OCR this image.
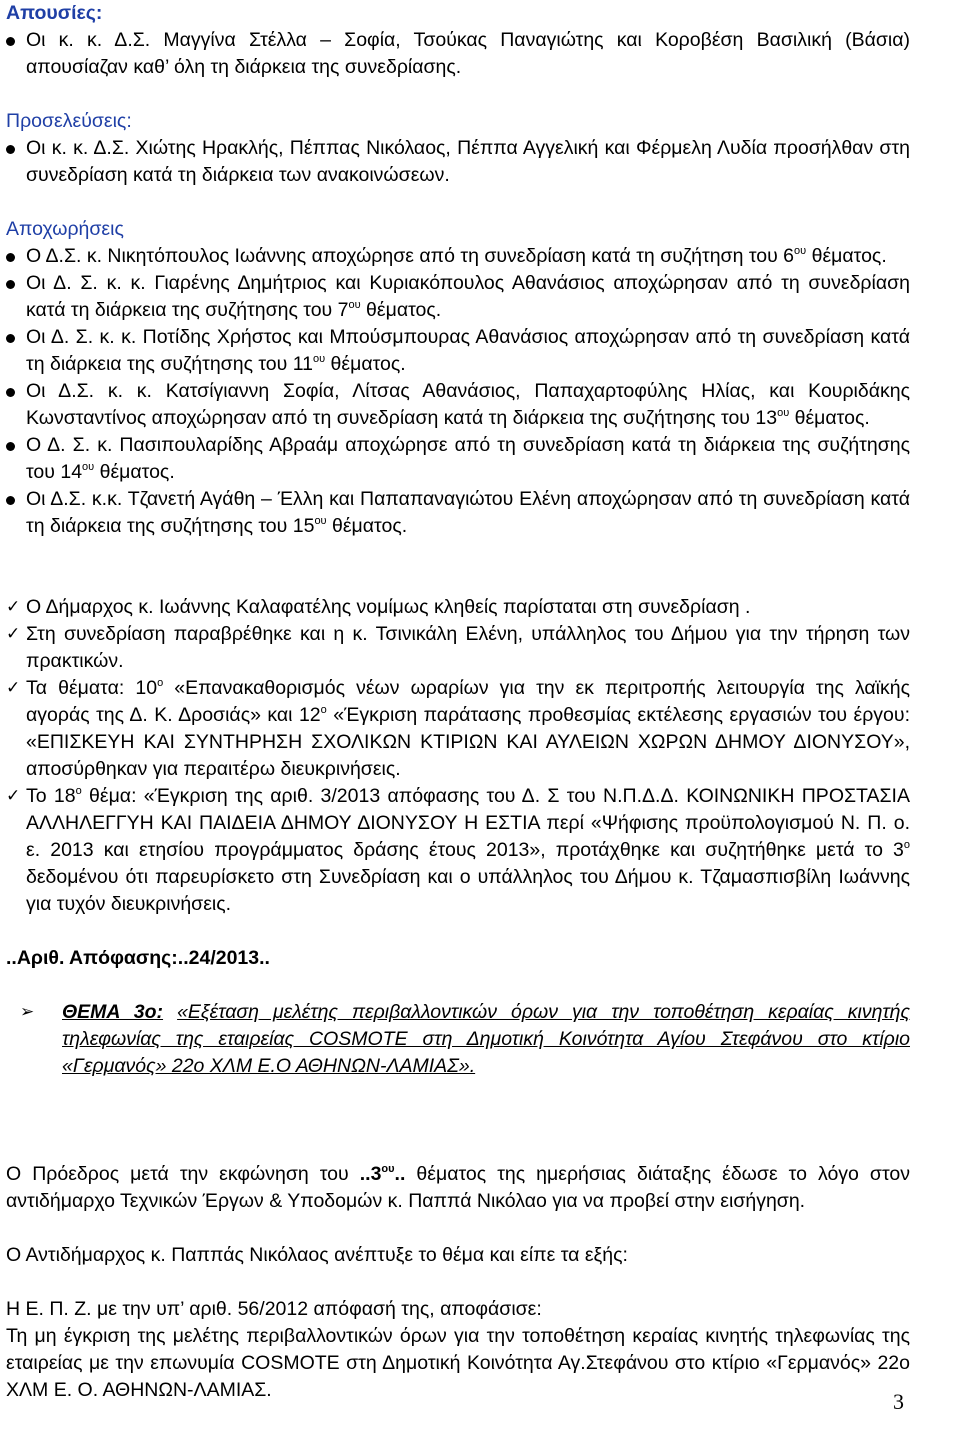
Απουσίες:

Οι κ. κ. Δ.Σ. Μαγγίνα Στέλλα – Σοφία, Τσούκας Παναγιώτης και Κοροβέση Βασιλική (Βάσια) απουσίαζαν καθ’ όλη τη διάρκεια της συνεδρίασης.

Προσελεύσεις:

Οι κ. κ. Δ.Σ. Χιώτης Ηρακλής, Πέππας Νικόλαος, Πέππα Αγγελική και Φέρμελη Λυδία προσήλθαν στη συνεδρίαση κατά τη διάρκεια των ανακοινώσεων.

Αποχωρήσεις

Ο Δ.Σ. κ. Νικητόπουλος Ιωάννης αποχώρησε από τη συνεδρίαση κατά τη συζήτηση του $6^{o\upsilon}$ θέματος.
Οι Δ. Σ. κ. κ. Γιαρένης Δημήτριος και Κυριακόπουλος Αθανάσιος αποχώρησαν από τη συνεδρίαση κατά τη διάρκεια της συζήτησης του $7^{o\upsilon}$ θέματος.
Οι Δ. Σ. κ. κ. Ποτίδης Χρήστος και Μπούσμπουρας Αθανάσιος αποχώρησαν από τη συνεδρίαση κατά τη διάρκεια της συζήτησης του $11^{o\upsilon}$ θέματος.
Οι Δ.Σ. κ. κ. Κατσίγιαννη Σοφία, Λίτσας Αθανάσιος, Παπαχαρτοφύλης Ηλίας, και Κουριδάκης Κωνσταντίνος αποχώρησαν από τη συνεδρίαση κατά τη διάρκεια της συζήτησης του $13^{o\upsilon}$ θέματος.
Ο Δ. Σ. κ. Πασιπουλαρίδης Αβραάμ αποχώρησε από τη συνεδρίαση κατά τη διάρκεια της συζήτησης του $14^{o\upsilon}$ θέματος.
Οι Δ.Σ. κ.κ. Τζανετή Αγάθη – Έλλη και Παπαπαναγιώτου Ελένη αποχώρησαν από τη συνεδρίαση κατά τη διάρκεια της συζήτησης του $15^{o\upsilon}$ θέματος.
✓ Ο Δήμαρχος κ. Ιωάννης Καλαφατέλης νομίμως κληθείς παρίσταται στη συνεδρίαση .
✓ Στη συνεδρίαση παραβρέθηκε και η κ. Τσινικάλη Ελένη, υπάλληλος του Δήμου για την τήρηση των πρακτικών.
✓ Τα θέματα: $10^o$ «Επανακαθορισμός νέων ωραρίων για την εκ περιτροπής λειτουργία της λαϊκής αγοράς της Δ. Κ. Δροσιάς» και $12^o$ «Έγκριση παράτασης προθεσμίας εκτέλεσης εργασιών του έργου: «ΕΠΙΣΚΕΥΗ ΚΑΙ ΣΥΝΤΗΡΗΣΗ ΣΧΟΛΙΚΩΝ ΚΤΙΡΙΩΝ ΚΑΙ ΑΥΛΕΙΩΝ ΧΩΡΩΝ ΔΗΜΟΥ ΔΙΟΝΥΣΟΥ», αποσύρθηκαν για περαιτέρω διευκρινήσεις.
✓ Το $18^o$ θέμα: «Έγκριση της αριθ. 3/2013 απόφασης του Δ. Σ του Ν.Π.Δ.Δ. ΚΟΙΝΩΝΙΚΗ ΠΡΟΣΤΑΣΙΑ ΑΛΛΗΛΕΓΓΥΗ ΚΑΙ ΠΑΙΔΕΙΑ ΔΗΜΟΥ ΔΙΟΝΥΣΟΥ Η ΕΣΤΙΑ περί «Ψήφισης προϋπολογισμού Ν. Π. ο. ε. 2013 και ετησίου προγράμματος δράσης έτους 2013», προτάχθηκε και συζητήθηκε μετά το $3^o$ δεδομένου ότι παρευρίσκετο στη Συνεδρίαση και ο υπάλληλος του Δήμου κ. Τζαμασπισβίλη Ιωάννης για τυχόν διευκρινήσεις.

..Αριθ. Απόφασης:..24/2013..

➢ ΘΕΜΑ 3ο: «Εξέταση μελέτης περιβαλλοντικών όρων για την τοποθέτηση κεραίας κινητής τηλεφωνίας της εταιρείας COSMOTE στη Δημοτική Κοινότητα Αγίου Στεφάνου στο κτίριο «Γερμανός» 22ο ΧΛΜ Ε.Ο ΑΘΗΝΩΝ-ΛΑΜΙΑΣ».

Ο Πρόεδρος μετά την εκφώνηση του $..3^{o\upsilon}$.. θέματος της ημερήσιας διάταξης έδωσε το λόγο στον αντιδήμαρχο Τεχνικών Έργων & Υποδομών κ. Παππά Νικόλαο για να προβεί στην εισήγηση.

Ο Αντιδήμαρχος κ. Παππάς Νικόλαος ανέπτυξε το θέμα και είπε τα εξής:

Η Ε. Π. Ζ. με την υπ’ αριθ. 56/2012 απόφασή της, αποφάσισε:

Τη μη έγκριση της μελέτης περιβαλλοντικών όρων για την τοποθέτηση κεραίας κινητής τηλεφωνίας της εταιρείας με την επωνυμία COSMOTE στη Δημοτική Κοινότητα Αγ.Στεφάνου στο κτίριο «Γερμανός» 22ο ΧΛΜ Ε. Ο. ΑΘΗΝΩΝ-ΛΑΜΙΑΣ.	3
